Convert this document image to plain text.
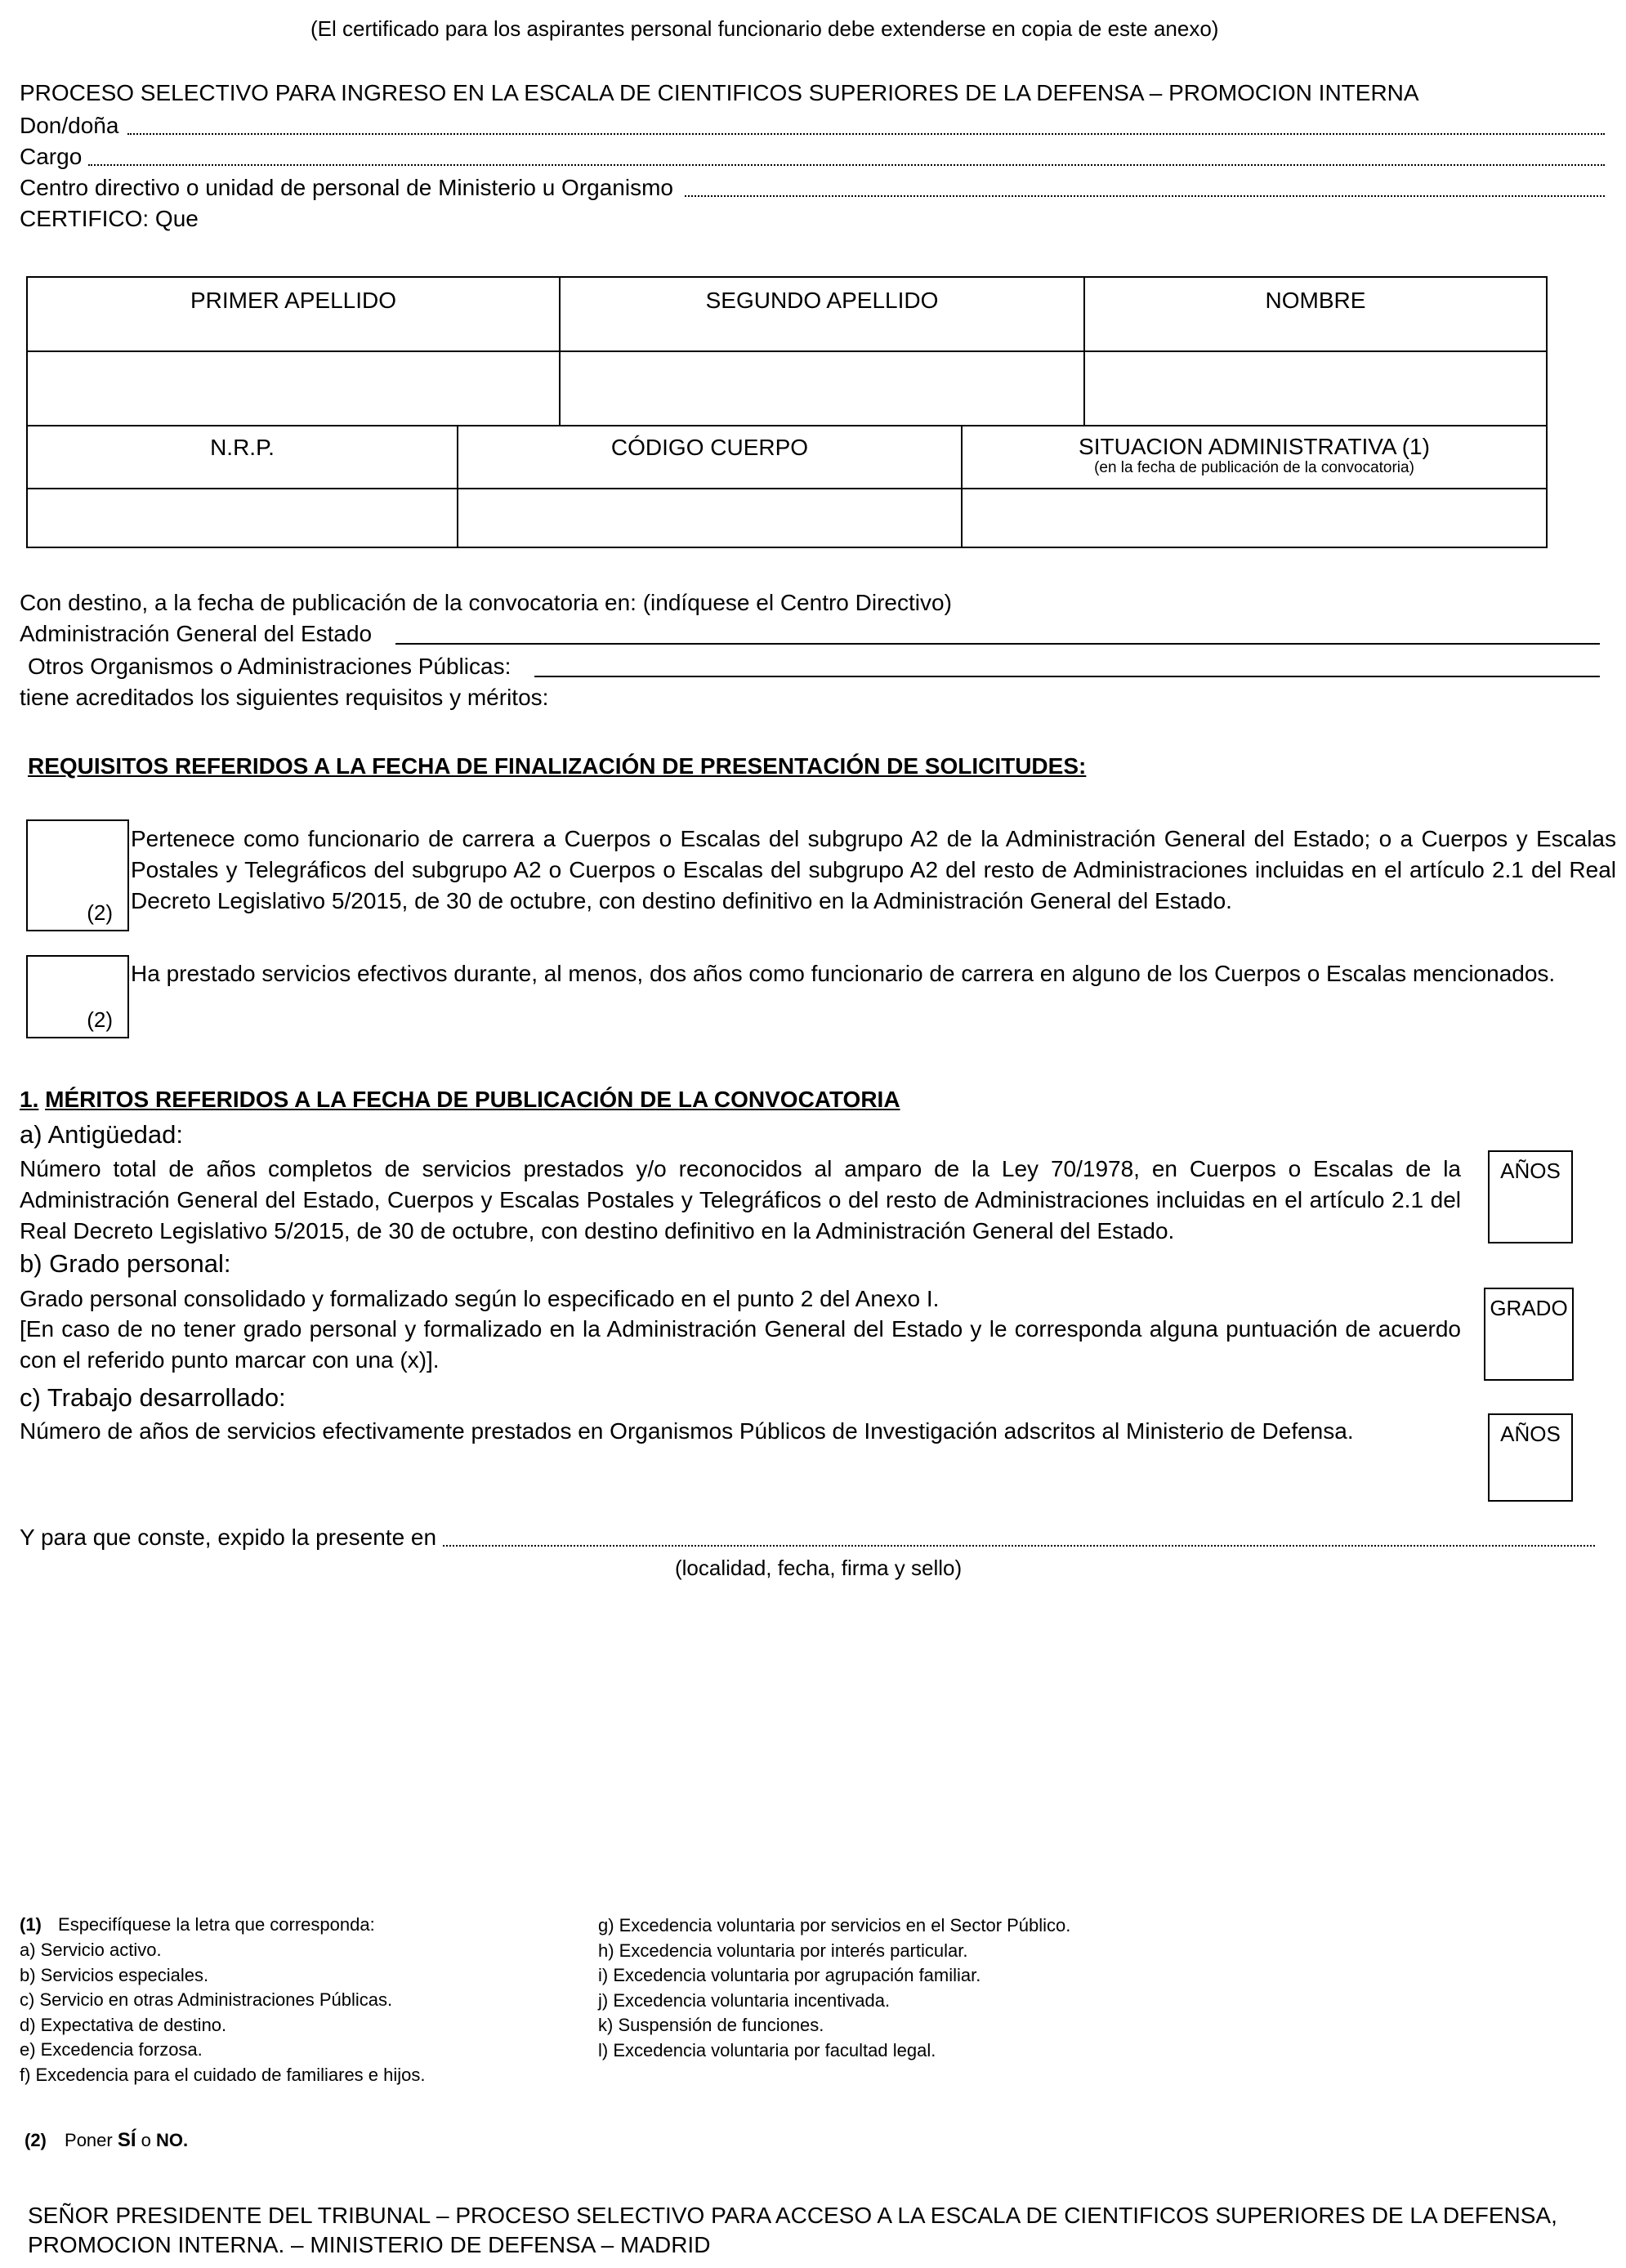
(El certificado para los aspirantes personal funcionario debe extenderse en copia de este anexo)
PROCESO SELECTIVO PARA INGRESO EN LA ESCALA DE CIENTIFICOS SUPERIORES DE LA DEFENSA – PROMOCION INTERNA
Don/doña
Cargo
Centro directivo o unidad de personal de Ministerio u Organismo
CERTIFICO: Que
PRIMER APELLIDO	SEGUNDO APELLIDO	NOMBRE

N.R.P.	CÓDIGO CUERPO	SITUACION ADMINISTRATIVA (1)
(en la fecha de publicación de la convocatoria)

Con destino, a la fecha de publicación de la convocatoria en: (indíquese el Centro Directivo)
Administración General del Estado
Otros Organismos o Administraciones Públicas:
tiene acreditados los siguientes requisitos y méritos:
REQUISITOS REFERIDOS A LA FECHA DE FINALIZACIÓN DE PRESENTACIÓN DE SOLICITUDES:
(2)
Pertenece como funcionario de carrera a Cuerpos o Escalas del subgrupo A2 de la Administración General del Estado; o a Cuerpos y Escalas Postales y Telegráficos del subgrupo A2 o Cuerpos o Escalas del subgrupo A2 del resto de Administraciones incluidas en el artículo 2.1 del Real Decreto Legislativo 5/2015, de 30 de octubre, con destino definitivo en la Administración General del Estado.
(2)
Ha prestado servicios efectivos durante, al menos, dos años como funcionario de carrera en alguno de los Cuerpos o Escalas mencionados.
1. MÉRITOS REFERIDOS A LA FECHA DE PUBLICACIÓN DE LA CONVOCATORIA
a) Antigüedad:
Número total de años completos de servicios prestados y/o reconocidos al amparo de la Ley 70/1978, en Cuerpos o Escalas de la Administración General del Estado, Cuerpos y Escalas Postales y Telegráficos o del resto de Administraciones incluidas en el artículo 2.1 del Real Decreto Legislativo 5/2015, de 30 de octubre, con destino definitivo en la Administración General del Estado.
AÑOS
b) Grado personal:
Grado personal consolidado y formalizado según lo especificado en el punto 2 del Anexo I.
[En caso de no tener grado personal y formalizado en la Administración General del Estado y le corresponda alguna puntuación de acuerdo con el referido punto marcar con una (x)].
GRADO
c) Trabajo desarrollado:
Número de años de servicios efectivamente prestados en Organismos Públicos de Investigación adscritos al Ministerio de Defensa.	AÑOS
Y para que conste, expido la presente en
(localidad, fecha, firma y sello)
(1) Especifíquese la letra que corresponda:
a) Servicio activo.
b) Servicios especiales.
c) Servicio en otras Administraciones Públicas.
d) Expectativa de destino.
e) Excedencia forzosa.
f) Excedencia para el cuidado de familiares e hijos.
g) Excedencia voluntaria por servicios en el Sector Público.
h) Excedencia voluntaria por interés particular.
i) Excedencia voluntaria por agrupación familiar.
j) Excedencia voluntaria incentivada.
k) Suspensión de funciones.
l) Excedencia voluntaria por facultad legal.
(2) Poner SÍ o NO.
SEÑOR PRESIDENTE DEL TRIBUNAL – PROCESO SELECTIVO PARA ACCESO A LA ESCALA DE CIENTIFICOS SUPERIORES DE LA DEFENSA,
PROMOCION INTERNA. – MINISTERIO DE DEFENSA – MADRID
